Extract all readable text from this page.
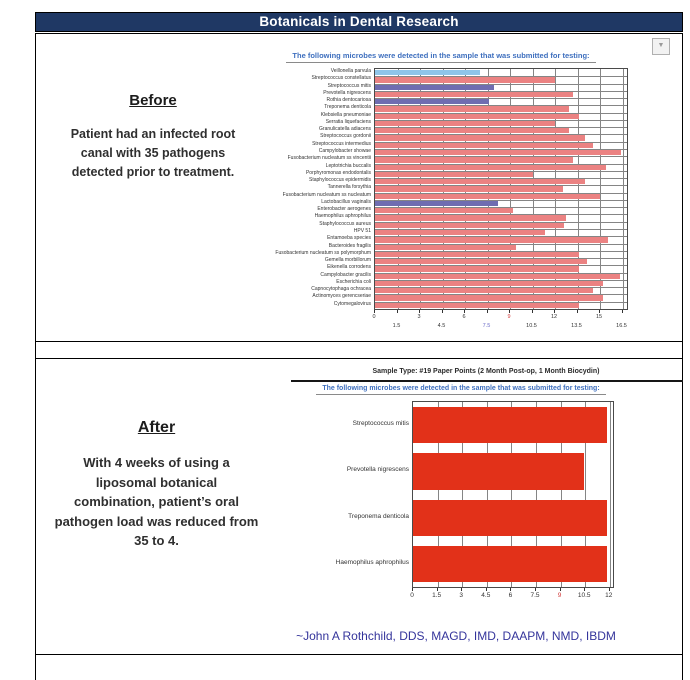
Botanicals in Dental Research
▼
The following microbes were detected in the sample that was submitted for testing:

Before

Patient had an infected root canal with 35 pathogens detected prior to treatment.

Veillonella parvula
Streptococcus constellatus
Streptococcus mitis
Prevotella nigrescens
Rothia dentocariosa
Treponema denticola
Klebsiella pneumoniae
Serratia liquefaciens
Granulicatella adiacens
Streptococcus gordonii
Streptococcus intermedius
Campylobacter showae
Fusobacterium nucleatum ss vincentii
Leptotrichia buccalis
Porphyromonas endodontalis
Staphylococcus epidermidis
Tannerella forsythia
Fusobacterium nucleatum ss nucleatum
Lactobacillus vaginalis
Enterobacter aerogenes
Haemophilus aphrophilus
Staphylococcus aureus
HPV 51
Entamoeba species
Bacteroides fragilis
Fusobacterium nucleatum ss polymorphum
Gemella morbillorum
Eikenella corrodens
Campylobacter gracilis
Escherichia coli
Capnocytophaga ochracea
Actinomyces gerencseriae
Cytomegalovirus
0
1.5
3
4.5
6
7.5
9
10.5
12
13.5
15
16.5
Sample Type: #19 Paper Points (2 Month Post-op, 1 Month Biocydin)
The following microbes were detected in the sample that was submitted for testing:

After

With 4 weeks of using a liposomal botanical combination, patient’s oral pathogen load was reduced from 35 to 4.

Streptococcus mitis
Prevotella nigrescens
Treponema denticola
Haemophilus aphrophilus
0	1.5	3	4.5	6	7.5	9	10.5 12
~John A Rothchild, DDS, MAGD, IMD, DAAPM, NMD, IBDM
